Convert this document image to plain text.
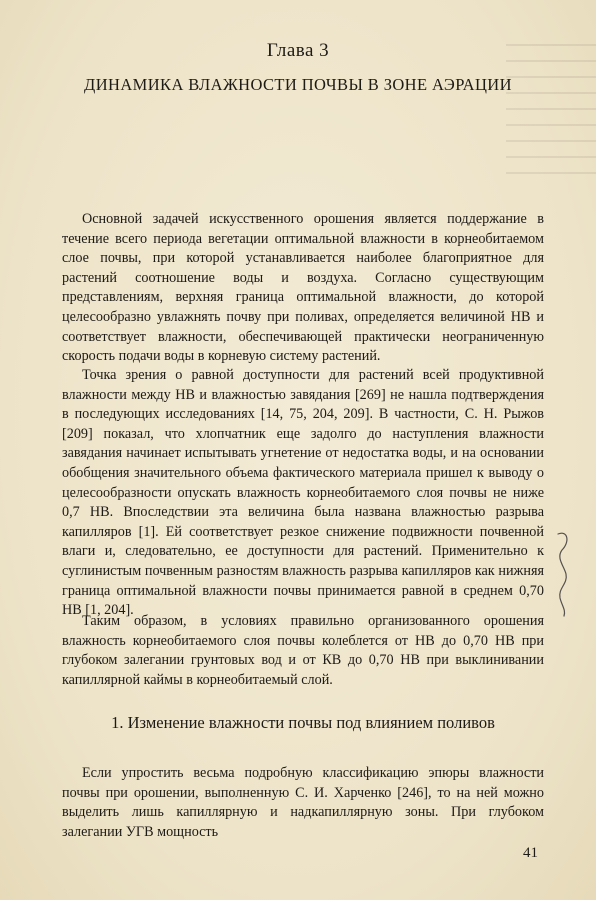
Глава 3
ДИНАМИКА ВЛАЖНОСТИ ПОЧВЫ В ЗОНЕ АЭРАЦИИ

Основной задачей искусственного орошения является поддержание в течение всего периода вегетации оптимальной влажности в корнеобитаемом слое почвы, при которой устанавливается наиболее благоприятное для растений соотношение воды и воздуха. Согласно существующим представлениям, верхняя граница оптимальной влажности, до которой целесообразно увлажнять почву при поливах, определяется величиной НВ и соответствует влажности, обеспечивающей практически неограниченную скорость подачи воды в корневую систему растений.

Точка зрения о равной доступности для растений всей продуктивной влажности между НВ и влажностью завядания [269] не нашла подтверждения в последующих исследованиях [14, 75, 204, 209]. В частности, С. Н. Рыжов [209] показал, что хлопчатник еще задолго до наступления влажности завядания начинает испытывать угнетение от недостатка воды, и на основании обобщения значительного объема фактического материала пришел к выводу о целесообразности опускать влажность корнеобитаемого слоя почвы не ниже 0,7 НВ. Впоследствии эта величина была названа влажностью разрыва капилляров [1]. Ей соответствует резкое снижение подвижности почвенной влаги и, следовательно, ее доступности для растений. Применительно к суглинистым почвенным разностям влажность разрыва капилляров как нижняя граница оптимальной влажности почвы принимается равной в среднем 0,70 НВ [1, 204].

Таким образом, в условиях правильно организованного орошения влажность корнеобитаемого слоя почвы колеблется от НВ до 0,70 НВ при глубоком залегании грунтовых вод и от КВ до 0,70 НВ при выклинивании капиллярной каймы в корнеобитаемый слой.

1. Изменение влажности почвы под влиянием поливов

Если упростить весьма подробную классификацию эпюры влажности почвы при орошении, выполненную С. И. Харченко [246], то на ней можно выделить лишь капиллярную и надкапиллярную зоны. При глубоком залегании УГВ мощность

41
